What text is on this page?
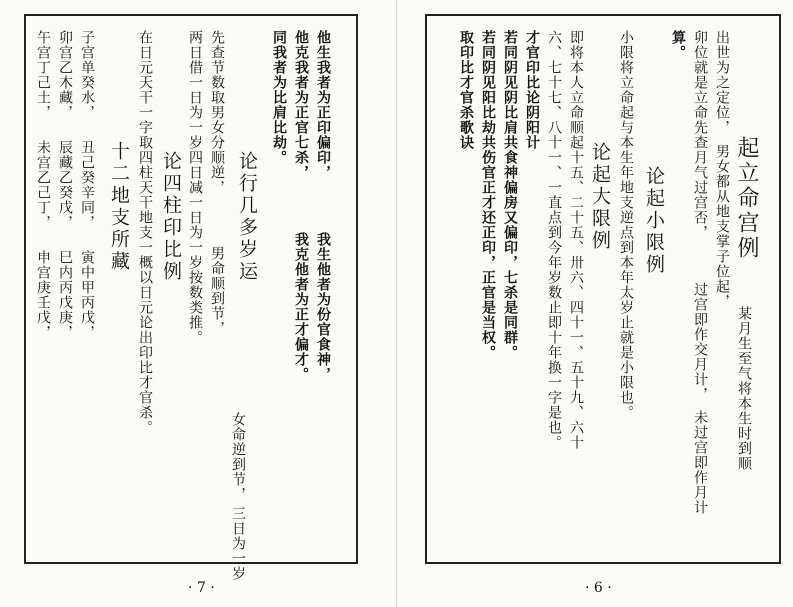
他生我者为正印偏印，
他克我者为正官七杀，
同我者为比肩比劫。
我生他者为份官食神，
我克他者为正才偏才。
论行几多岁运
先查节数取男女分顺逆，
男命顺到节，
女命逆到节，
两日借一日为一岁四日减一日为一岁按数类推。
三日为一岁
论四柱印比例
在日元天干一字取四柱天干地支一概以日元论出印比才官杀。
十二地支所藏
子宫单癸水，
丑己癸辛同，
寅中甲丙戊，
卯宫乙木藏，
辰藏乙癸戊，
巳内丙戊庚，
午宫丁己土，
未宫乙己丁，
申宫庚壬戊，
· 7 ·
起立命宫例
出世为之定位，
男女都从地支掌子位起，
某月生至气将本生时到顺
卯位就是立命先查月气过宫否，
过宫即作交月计，
未过宫即作月计
算。
论起小限例
小限将立命起与本生年地支逆点到本年太岁止就是小限也。
论起大限例
即将本人立命顺起十五、二十五、卅六、四十一、五十九、六十
六、七十七、八十一、一直点到今年岁数止即十年换一字是也。
才官印比论阴阳计
若同阴见阴比肩共食神偏房又偏印，七杀是同群。
若同阴见阳比劫共伤官正才还正印，正官是当权。
取印比才官杀歌诀
· 6 ·
